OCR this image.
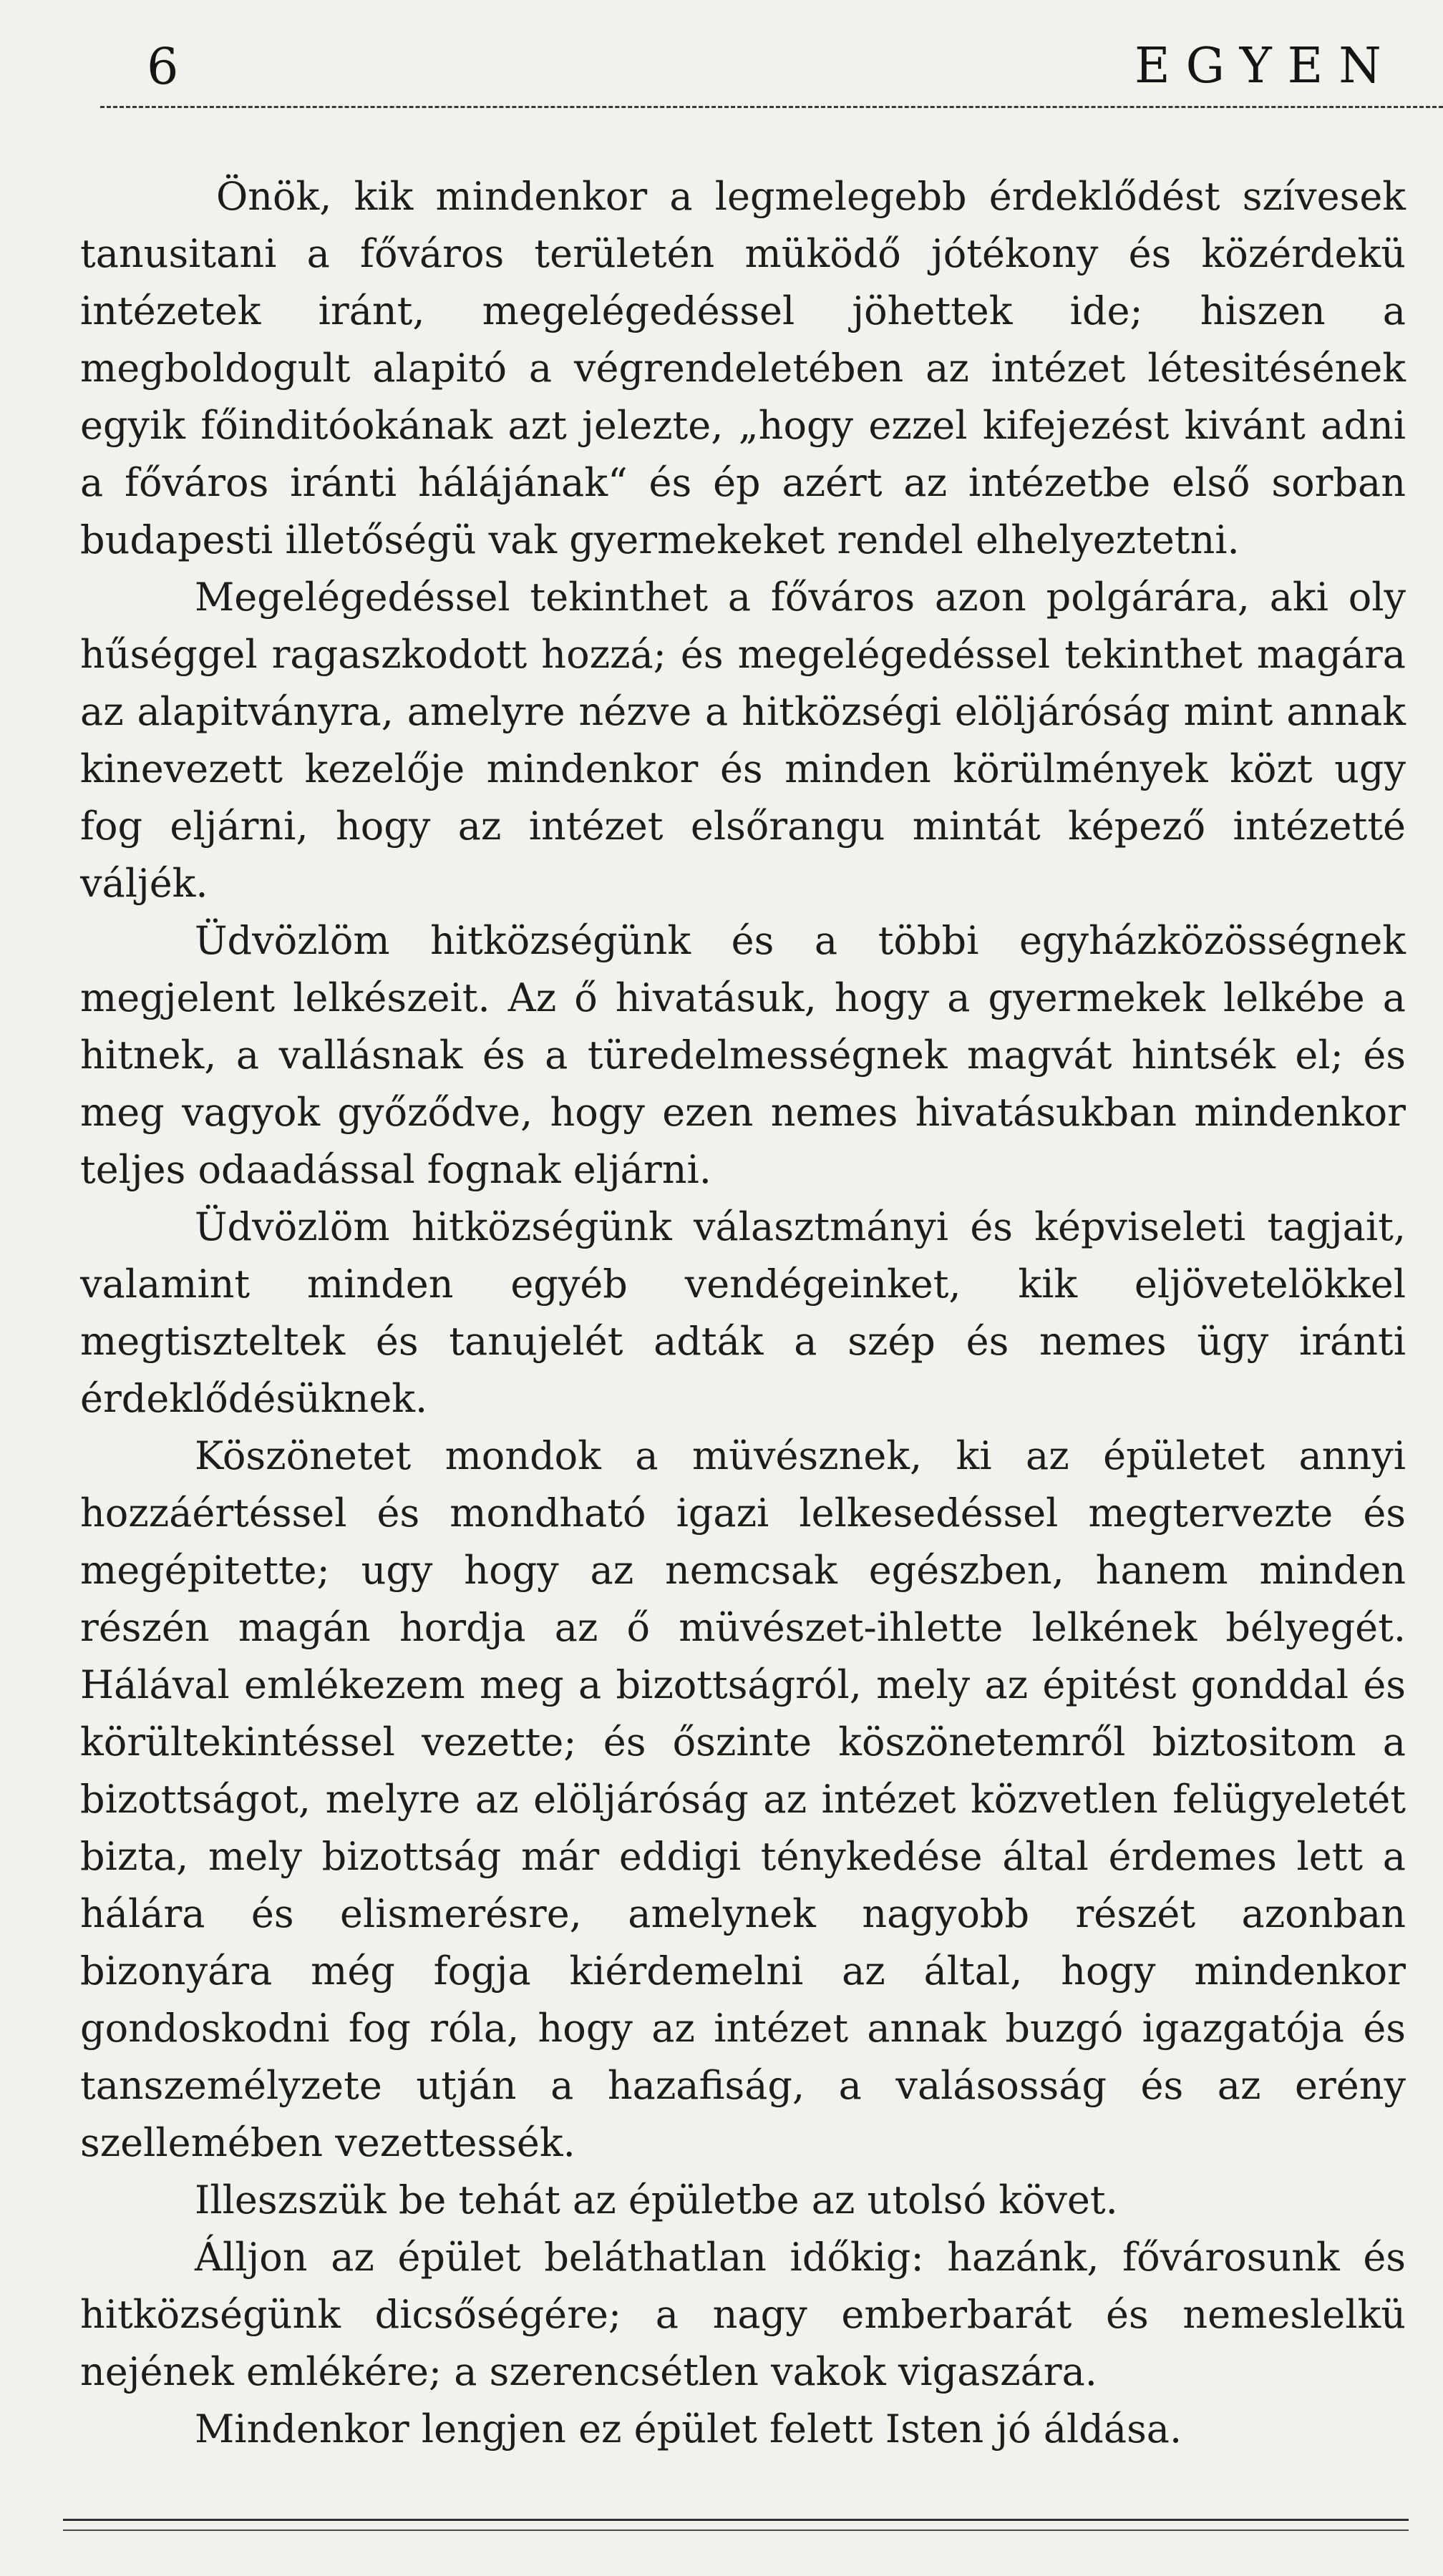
6	EGYEN

Önök, kik mindenkor a legmelegebb érdeklődést szívesek tanusitani a főváros területén müködő jótékony és közérdekü intézetek iránt, megelégedéssel jöhettek ide; hiszen a megboldogult alapitó a végrendeletében az intézet létesitésének egyik főinditóokának azt jelezte, „hogy ezzel kifejezést kivánt adni a főváros iránti hálájának“ és ép azért az intézetbe első sorban budapesti illetőségü vak gyermekeket rendel elhelyeztetni.

Megelégedéssel tekinthet a főváros azon polgárára, aki oly hűséggel ragaszkodott hozzá; és megelégedéssel tekinthet magára az alapitványra, amelyre nézve a hitközségi elöljáróság mint annak kinevezett kezelője mindenkor és minden körülmények közt ugy fog eljárni, hogy az intézet elsőrangu mintát képező intézetté váljék.

Üdvözlöm hitközségünk és a többi egyházközösségnek megjelent lelkészeit. Az ő hivatásuk, hogy a gyermekek lelkébe a hitnek, a vallásnak és a türedelmességnek magvát hintsék el; és meg vagyok győződve, hogy ezen nemes hivatásukban mindenkor teljes odaadással fognak eljárni.

Üdvözlöm hitközségünk választmányi és képviseleti tagjait, valamint minden egyéb vendégeinket, kik eljövetelökkel megtiszteltek és tanujelét adták a szép és nemes ügy iránti érdeklődésüknek.

Köszönetet mondok a müvésznek, ki az épületet annyi hozzáértéssel és mondható igazi lelkesedéssel megtervezte és megépitette; ugy hogy az nemcsak egészben, hanem minden részén magán hordja az ő müvészet-ihlette lelkének bélyegét. Hálával emlékezem meg a bizottságról, mely az épitést gonddal és körültekintéssel vezette; és őszinte köszönetemről biztositom a bizottságot, melyre az elöljáróság az intézet közvetlen felügyeletét bizta, mely bizottság már eddigi ténykedése által érdemes lett a hálára és elismerésre, amelynek nagyobb részét azonban bizonyára még fogja kiérdemelni az által, hogy mindenkor gondoskodni fog róla, hogy az intézet annak buzgó igazgatója és tanszemélyzete utján a hazafiság, a valásosság és az erény szellemében vezettessék.

Illeszszük be tehát az épületbe az utolsó követ.

Álljon az épület beláthatlan időkig: hazánk, fővárosunk és hitközségünk dicsőségére; a nagy emberbarát és nemeslelkü nejének emlékére; a szerencsétlen vakok vigaszára.

Mindenkor lengjen ez épület felett Isten jó áldása.
